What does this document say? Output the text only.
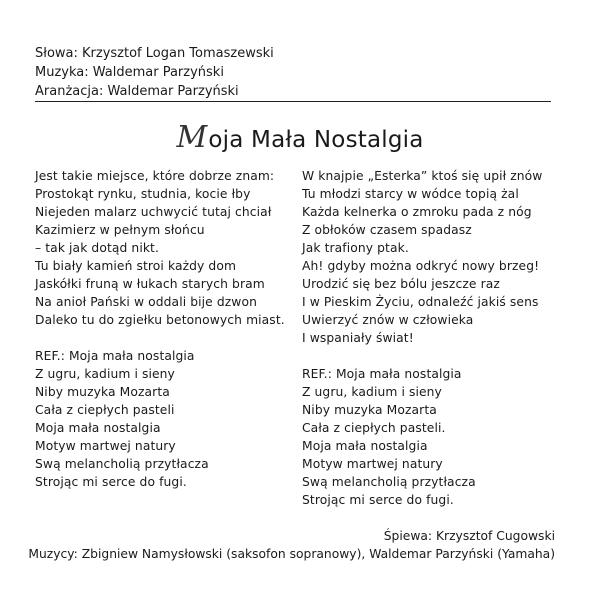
Słowa: Krzysztof Logan Tomaszewski
Muzyka: Waldemar Parzyński
Aranżacja: Waldemar Parzyński
Moja Mała Nostalgia
Jest takie miejsce, które dobrze znam:
Prostokąt rynku, studnia, kocie łby
Niejeden malarz uchwycić tutaj chciał
Kazimierz w pełnym słońcu
– tak jak dotąd nikt.
Tu biały kamień stroi każdy dom
Jaskółki fruną w łukach starych bram
Na anioł Pański w oddali bije dzwon
Daleko tu do zgiełku betonowych miast.
REF.: Moja mała nostalgia
Z ugru, kadium i sieny
Niby muzyka Mozarta
Cała z ciepłych pasteli
Moja mała nostalgia
Motyw martwej natury
Swą melancholią przytłacza
Strojąc mi serce do fugi.
W knajpie „Esterka” ktoś się upił znów
Tu młodzi starcy w wódce topią żal
Każda kelnerka o zmroku pada z nóg
Z obłoków czasem spadasz
Jak trafiony ptak.
Ah! gdyby można odkryć nowy brzeg!
Urodzić się bez bólu jeszcze raz
I w Pieskim Życiu, odnaleźć jakiś sens
Uwierzyć znów w człowieka
I wspaniały świat!
REF.: Moja mała nostalgia
Z ugru, kadium i sieny
Niby muzyka Mozarta
Cała z ciepłych pasteli.
Moja mała nostalgia
Motyw martwej natury
Swą melancholią przytłacza
Strojąc mi serce do fugi.
Śpiewa: Krzysztof Cugowski
Muzycy: Zbigniew Namysłowski (saksofon sopranowy), Waldemar Parzyński (Yamaha)
